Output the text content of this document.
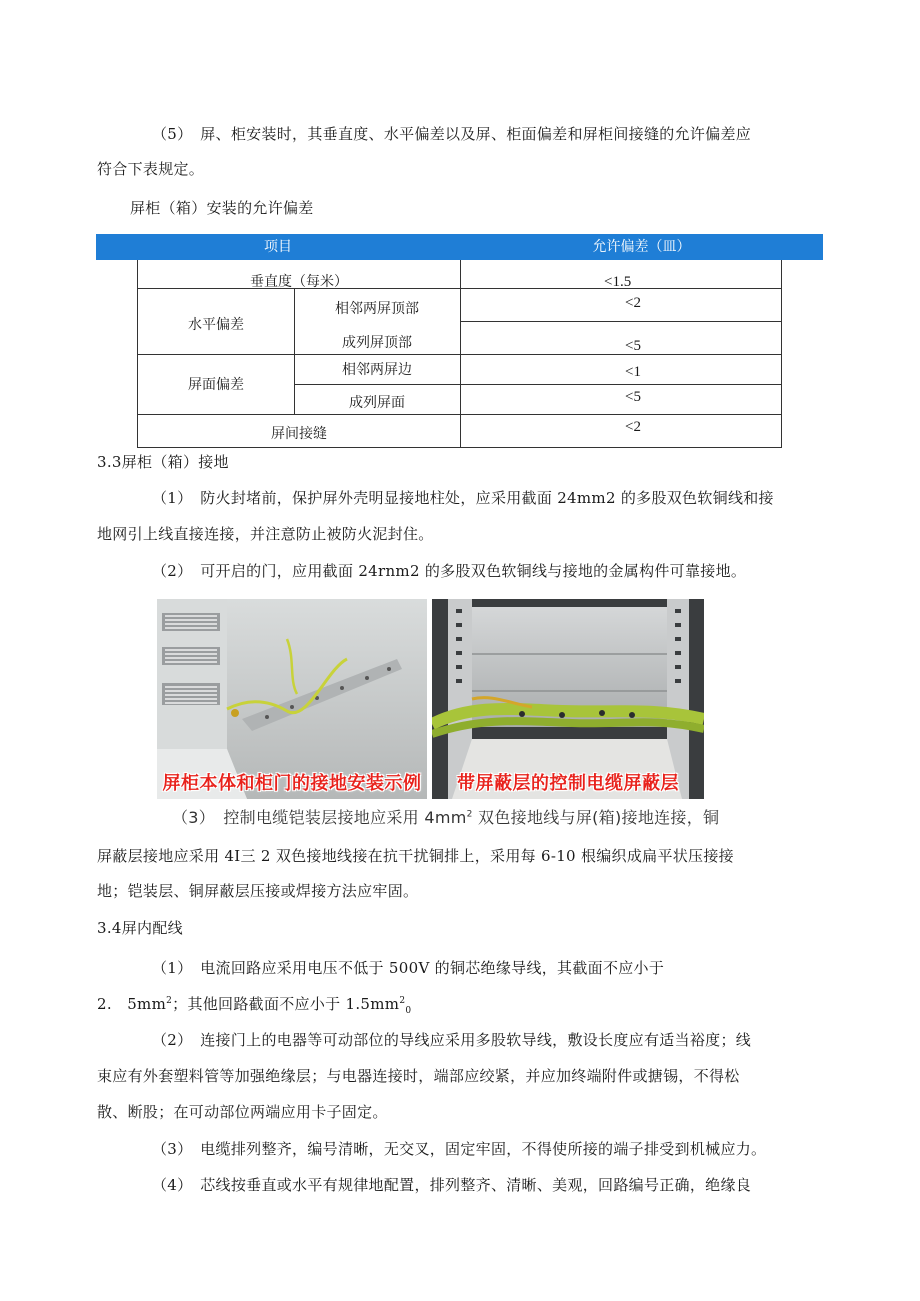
（5）　屏、柜安装时，其垂直度、水平偏差以及屏、柜面偏差和屏柜间接缝的允许偏差应
符合下表规定。
屏柜（箱）安装的允许偏差
项目	允许偏差（皿）
垂直度（每米）	<1.5
水平偏差
相邻两屏顶部	<2
成列屏顶部	<5
屏面偏差
相邻两屏边	<1
成列屏面	<5
屏间接缝	<2
3.3屏柜（箱）接地
（1）　防火封堵前，保护屏外壳明显接地柱处，应采用截面 24mm2 的多股双色软铜线和接
地网引上线直接连接，并注意防止被防火泥封住。
（2）　可开启的门，应用截面 24rnm2 的多股双色软铜线与接地的金属构件可靠接地。
屏柜本体和柜门的接地安装示例	带屏蔽层的控制电缆屏蔽层
（3）　控制电缆铠装层接地应采用 $4mm^2$ 双色接地线与屏(箱)接地连接，铜
屏蔽层接地应采用 4I三 2 双色接地线接在抗干扰铜排上，采用每 6-10 根编织成扁平状压接接
地；铠装层、铜屏蔽层压接或焊接方法应牢固。
3.4屏内配线
（1）　电流回路应采用电压不低于 500V 的铜芯绝缘导线，其截面不应小于
2.　$5mm^2$；其他回路截面不应小于 $1.5mm^2_0$
（2）　连接门上的电器等可动部位的导线应采用多股软导线，敷设长度应有适当裕度；线
束应有外套塑料管等加强绝缘层；与电器连接时，端部应绞紧，并应加终端附件或搪锡，不得松
散、断股；在可动部位两端应用卡子固定。
（3）　电缆排列整齐，编号清晰，无交叉，固定牢固，不得使所接的端子排受到机械应力。
（4）　芯线按垂直或水平有规律地配置，排列整齐、清晰、美观，回路编号正确，绝缘良
